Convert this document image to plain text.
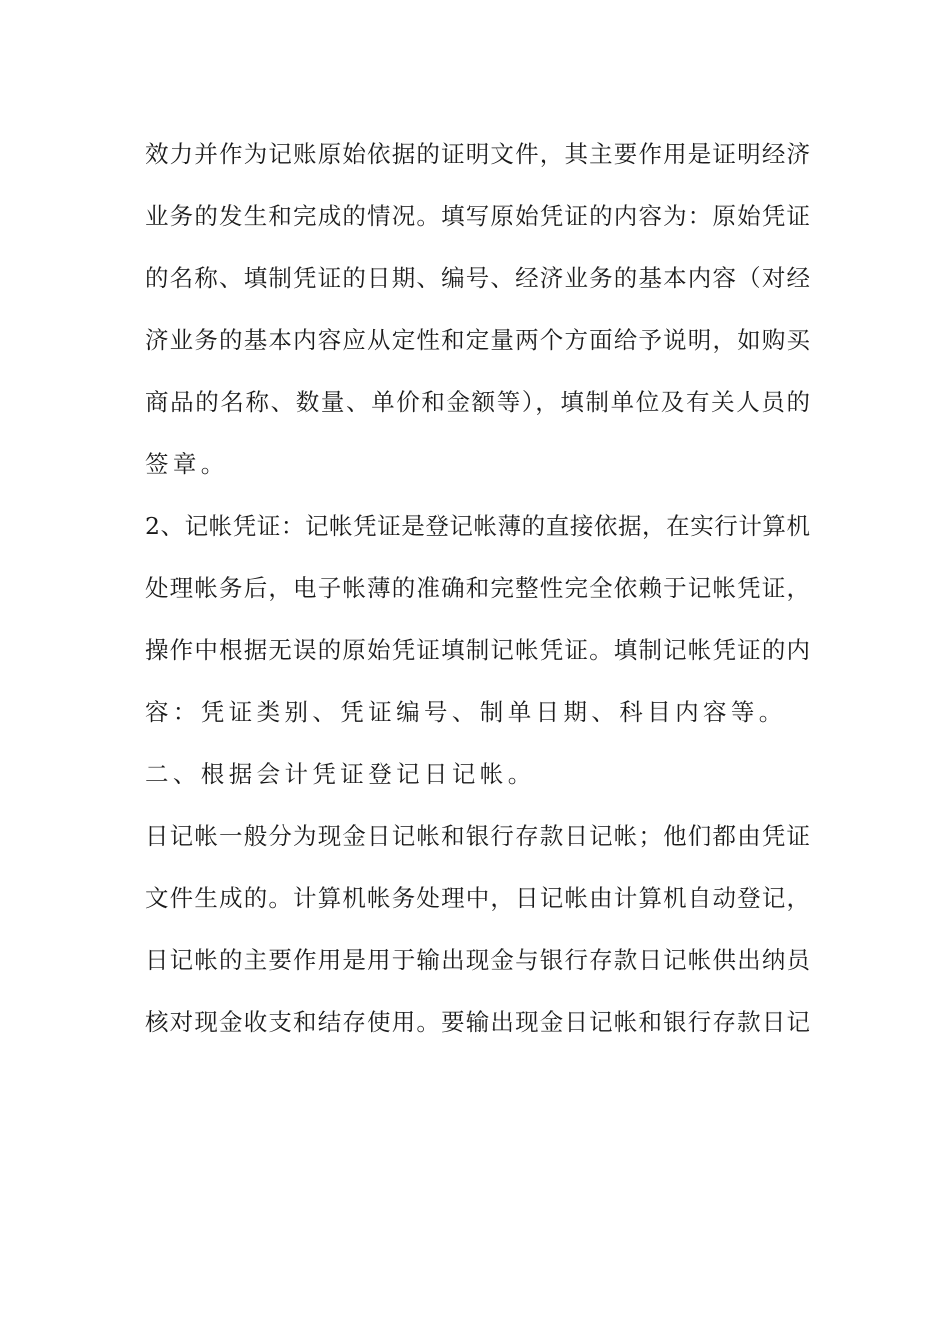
效力并作为记账原始依据的证明文件，其主要作用是证明经济
业务的发生和完成的情况。填写原始凭证的内容为：原始凭证
的名称、填制凭证的日期、编号、经济业务的基本内容（对经
济业务的基本内容应从定性和定量两个方面给予说明，如购买
商品的名称、数量、单价和金额等），填制单位及有关人员的
签章。
2、记帐凭证：记帐凭证是登记帐薄的直接依据，在实行计算机
处理帐务后，电子帐薄的准确和完整性完全依赖于记帐凭证，
操作中根据无误的原始凭证填制记帐凭证。填制记帐凭证的内
容：凭证类别、凭证编号、制单日期、科目内容等。
二、根据会计凭证登记日记帐。
日记帐一般分为现金日记帐和银行存款日记帐；他们都由凭证
文件生成的。计算机帐务处理中，日记帐由计算机自动登记，
日记帐的主要作用是用于输出现金与银行存款日记帐供出纳员
核对现金收支和结存使用。要输出现金日记帐和银行存款日记
